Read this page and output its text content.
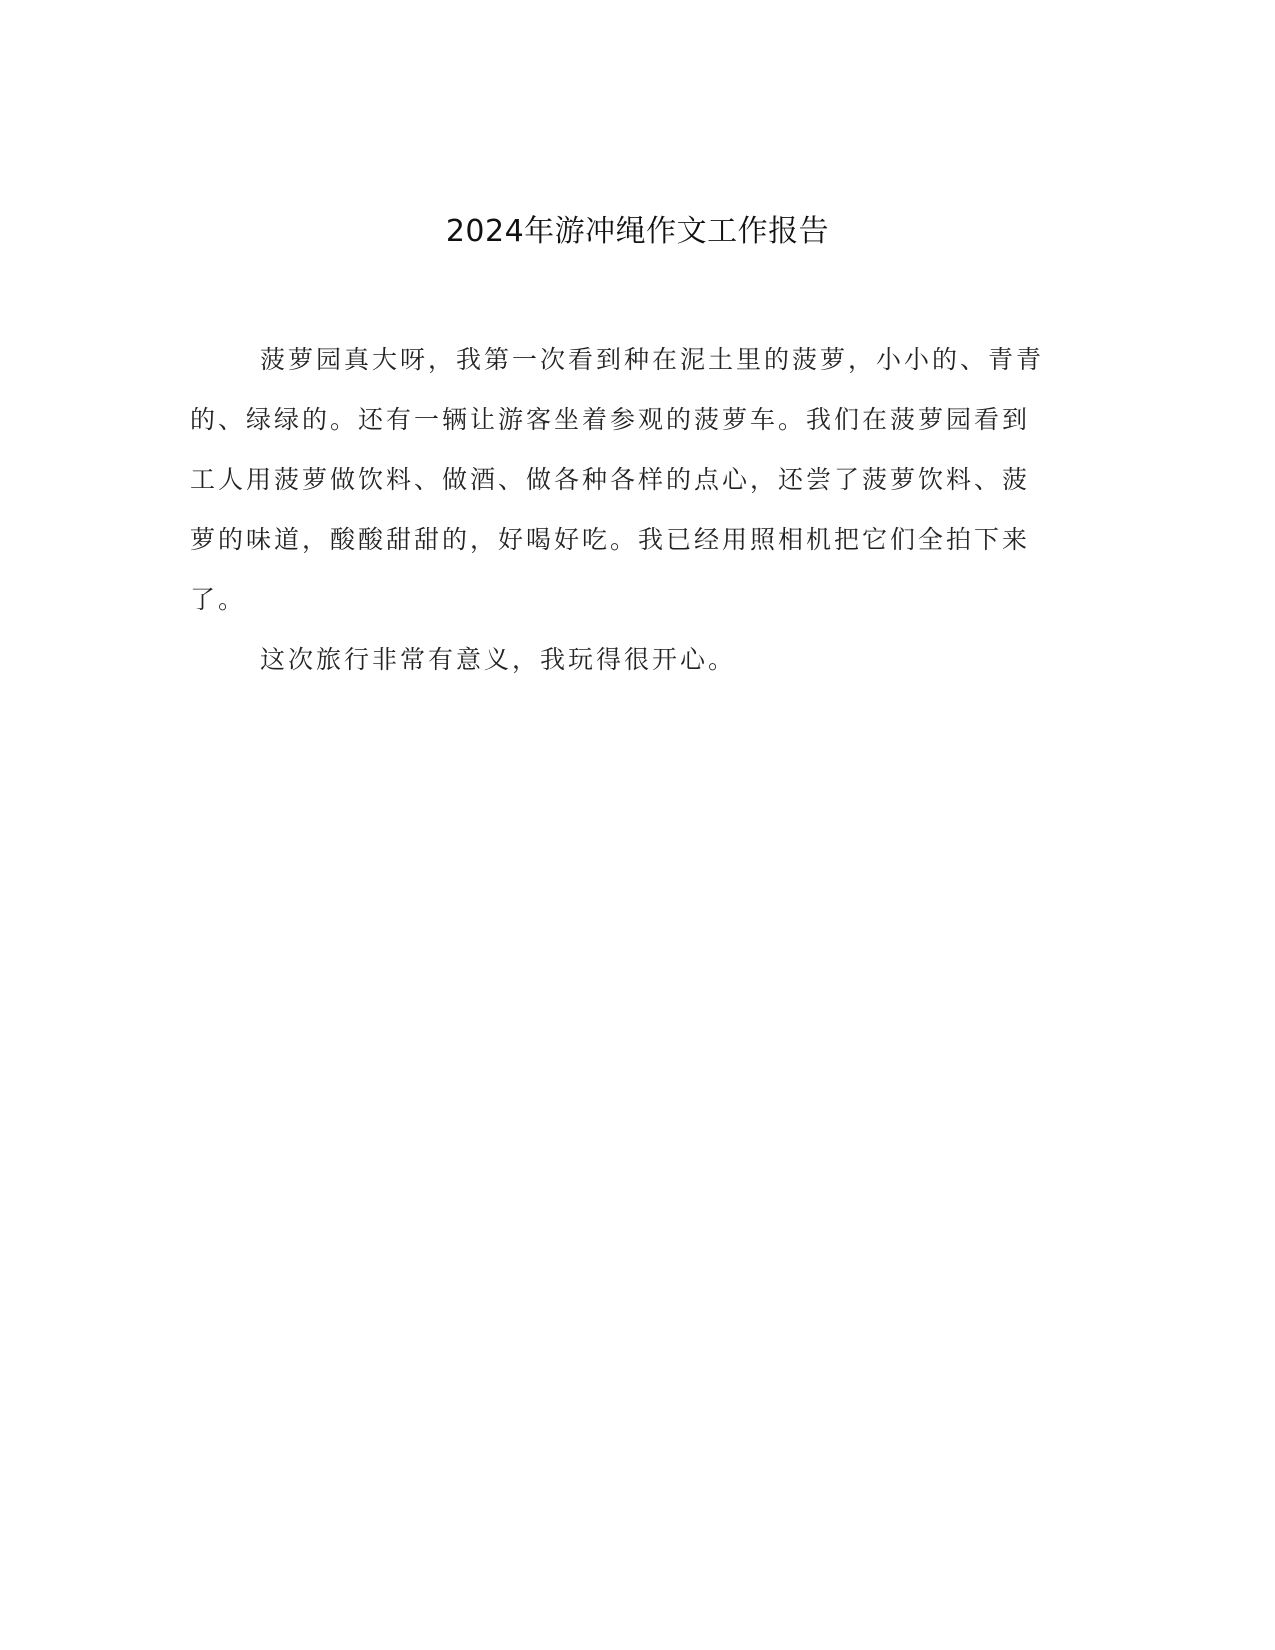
2024年游冲绳作文工作报告
菠萝园真大呀，我第一次看到种在泥土里的菠萝，小小的、青青
的、绿绿的。还有一辆让游客坐着参观的菠萝车。我们在菠萝园看到
工人用菠萝做饮料、做酒、做各种各样的点心，还尝了菠萝饮料、菠
萝的味道，酸酸甜甜的，好喝好吃。我已经用照相机把它们全拍下来
了。
这次旅行非常有意义，我玩得很开心。
